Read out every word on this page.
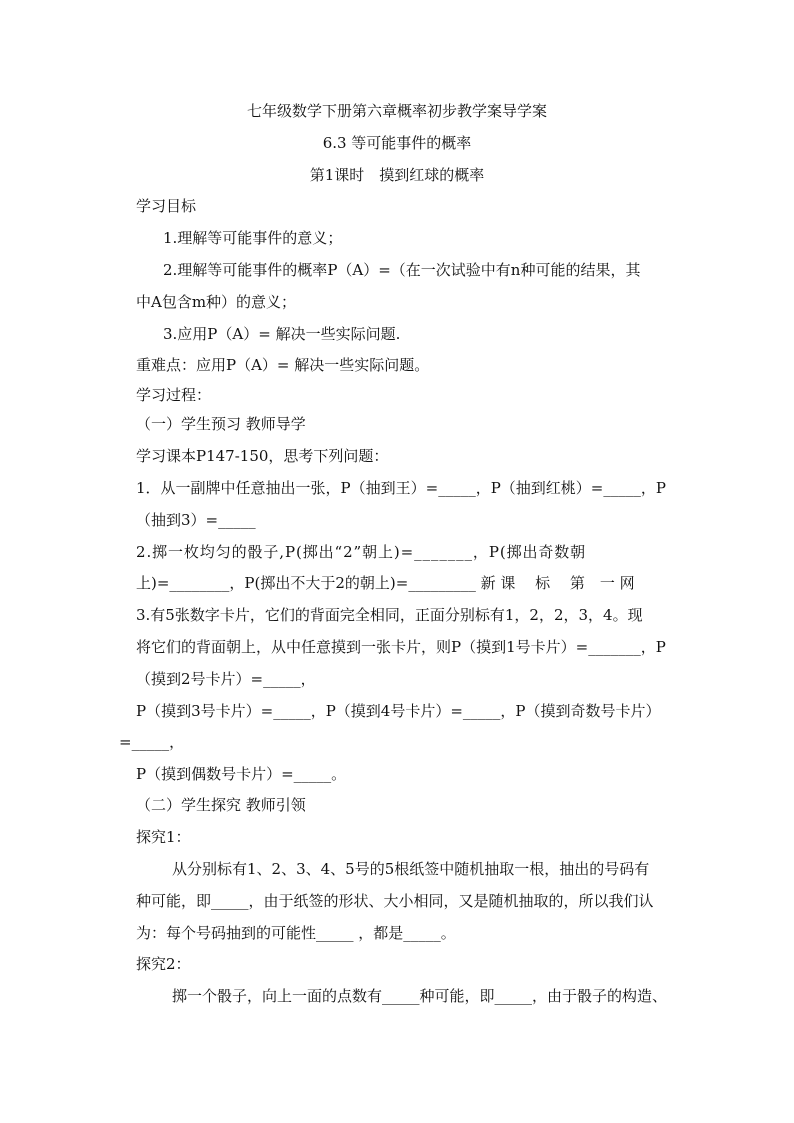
七年级数学下册第六章概率初步教学案导学案
6.3 等可能事件的概率
第1课时　摸到红球的概率
学习目标
1.理解等可能事件的意义；
2.理解等可能事件的概率P（A）=（在一次试验中有n种可能的结果，其
中A包含m种）的意义；
3.应用P（A）= 解决一些实际问题.
重难点：应用P（A）= 解决一些实际问题。
学习过程：
（一）学生预习 教师导学
学习课本P147-150，思考下列问题：
1．从一副牌中任意抽出一张，P（抽到王）=_____，P（抽到红桃）=_____，P
（抽到3）=_____
2.掷一枚均匀的骰子,P(掷出“2”朝上)=_______，P(掷出奇数朝
上)=________，P(掷出不大于2的朝上)=_________ 新 课　 标　 第　一 网
3.有5张数字卡片，它们的背面完全相同，正面分别标有1，2，2，3，4。现
将它们的背面朝上，从中任意摸到一张卡片，则P（摸到1号卡片）=_______，P
（摸到2号卡片）=_____，
P（摸到3号卡片）=_____，P（摸到4号卡片）=_____，P（摸到奇数号卡片）
=_____，
P（摸到偶数号卡片）=_____。
（二）学生探究 教师引领
探究1：
从分别标有1、2、3、4、5号的5根纸签中随机抽取一根，抽出的号码有
种可能，即_____，由于纸签的形状、大小相同，又是随机抽取的，所以我们认
为：每个号码抽到的可能性_____ ，都是_____。
探究2：
掷一个骰子，向上一面的点数有_____种可能，即_____，由于骰子的构造、
